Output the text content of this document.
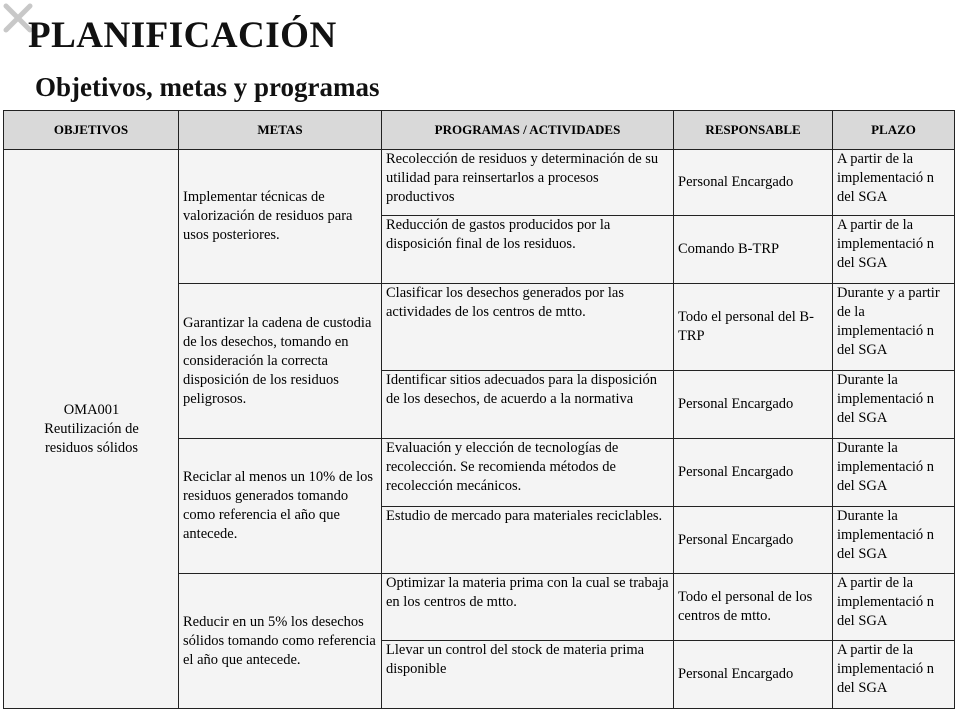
PLANIFICACIÓN
Objetivos, metas y programas
OBJETIVOS	METAS	PROGRAMAS / ACTIVIDADES	RESPONSABLE	PLAZO
OMA001
Reutilización de
residuos sólidos	Implementar técnicas de valorización de residuos para usos posteriores.	Recolección de residuos y determinación de su utilidad para reinsertarlos a procesos productivos	Personal Encargado	A partir de la implementació n del SGA
		Reducción de gastos producidos por la disposición final de los residuos.	Comando B-TRP	A partir de la implementació n del SGA
	Garantizar la cadena de custodia de los desechos, tomando en consideración la correcta disposición de los residuos peligrosos.	Clasificar los desechos generados por las actividades de los centros de mtto.	Todo el personal del B-TRP	Durante y a partir de la implementació n del SGA
		Identificar sitios adecuados para la disposición de los desechos, de acuerdo a la normativa	Personal Encargado	Durante la implementació n del SGA
	Reciclar al menos un 10% de los residuos generados tomando como referencia el año que antecede.	Evaluación y elección de tecnologías de recolección. Se recomienda métodos de recolección mecánicos.	Personal Encargado	Durante la implementació n del SGA
		Estudio de mercado para materiales reciclables.	Personal Encargado	Durante la implementació n del SGA
	Reducir en un 5% los desechos sólidos tomando como referencia el año que antecede.	Optimizar la materia prima con la cual se trabaja en los centros de mtto.	Todo el personal de los centros de mtto.	A partir de la implementació n del SGA
		Llevar un control del stock de materia prima disponible	Personal Encargado	A partir de la implementació n del SGA
